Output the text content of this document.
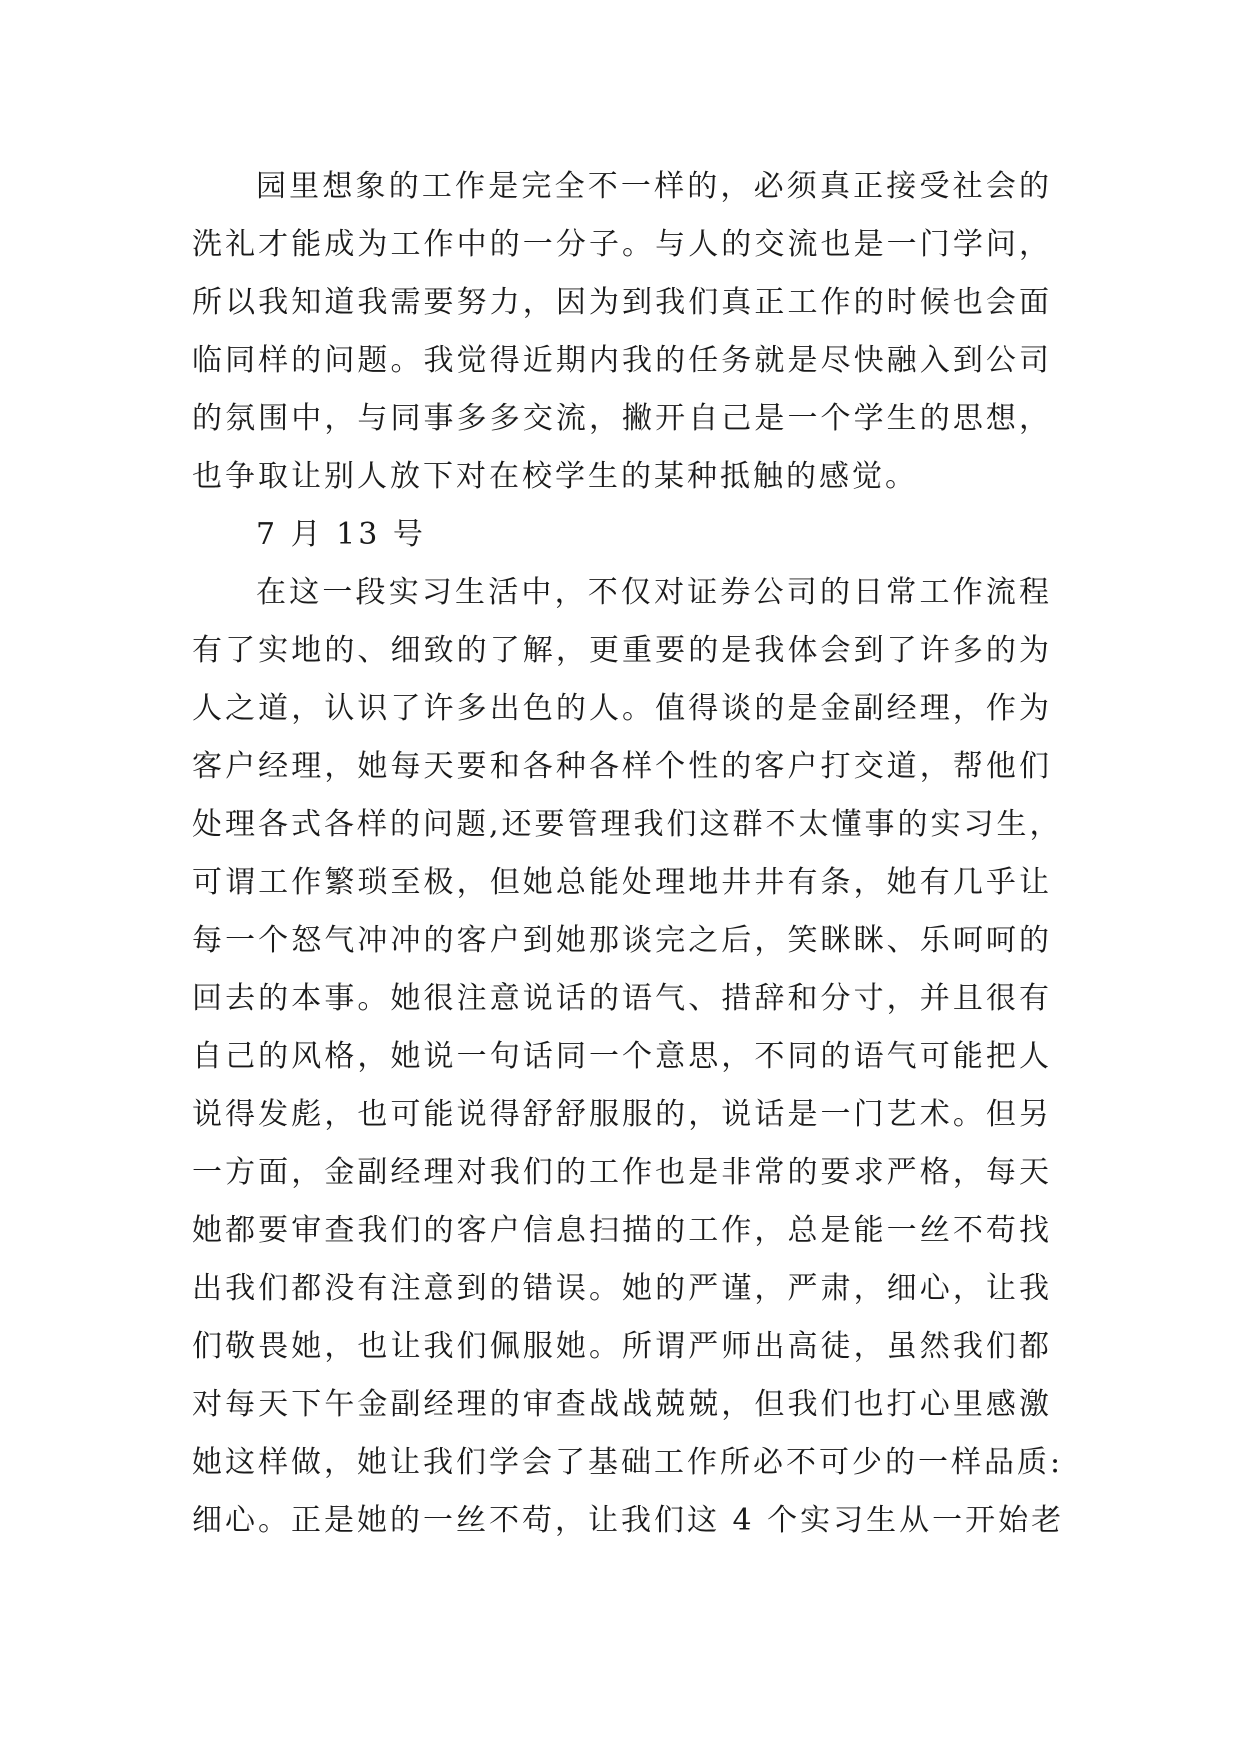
园里想象的工作是完全不一样的，必须真正接受社会的
洗礼才能成为工作中的一分子。与人的交流也是一门学问，
所以我知道我需要努力，因为到我们真正工作的时候也会面
临同样的问题。我觉得近期内我的任务就是尽快融入到公司
的氛围中，与同事多多交流，撇开自己是一个学生的思想，
也争取让别人放下对在校学生的某种抵触的感觉。
7 月 13 号
在这一段实习生活中，不仅对证券公司的日常工作流程
有了实地的、细致的了解，更重要的是我体会到了许多的为
人之道，认识了许多出色的人。值得谈的是金副经理，作为
客户经理，她每天要和各种各样个性的客户打交道，帮他们
处理各式各样的问题,还要管理我们这群不太懂事的实习生，
可谓工作繁琐至极，但她总能处理地井井有条，她有几乎让
每一个怒气冲冲的客户到她那谈完之后，笑眯眯、乐呵呵的
回去的本事。她很注意说话的语气、措辞和分寸，并且很有
自己的风格，她说一句话同一个意思，不同的语气可能把人
说得发彪，也可能说得舒舒服服的，说话是一门艺术。但另
一方面，金副经理对我们的工作也是非常的要求严格，每天
她都要审查我们的客户信息扫描的工作，总是能一丝不苟找
出我们都没有注意到的错误。她的严谨，严肃，细心，让我
们敬畏她，也让我们佩服她。所谓严师出高徒，虽然我们都
对每天下午金副经理的审查战战兢兢，但我们也打心里感激
她这样做，她让我们学会了基础工作所必不可少的一样品质:
细心。正是她的一丝不苟，让我们这 4 个实习生从一开始老
